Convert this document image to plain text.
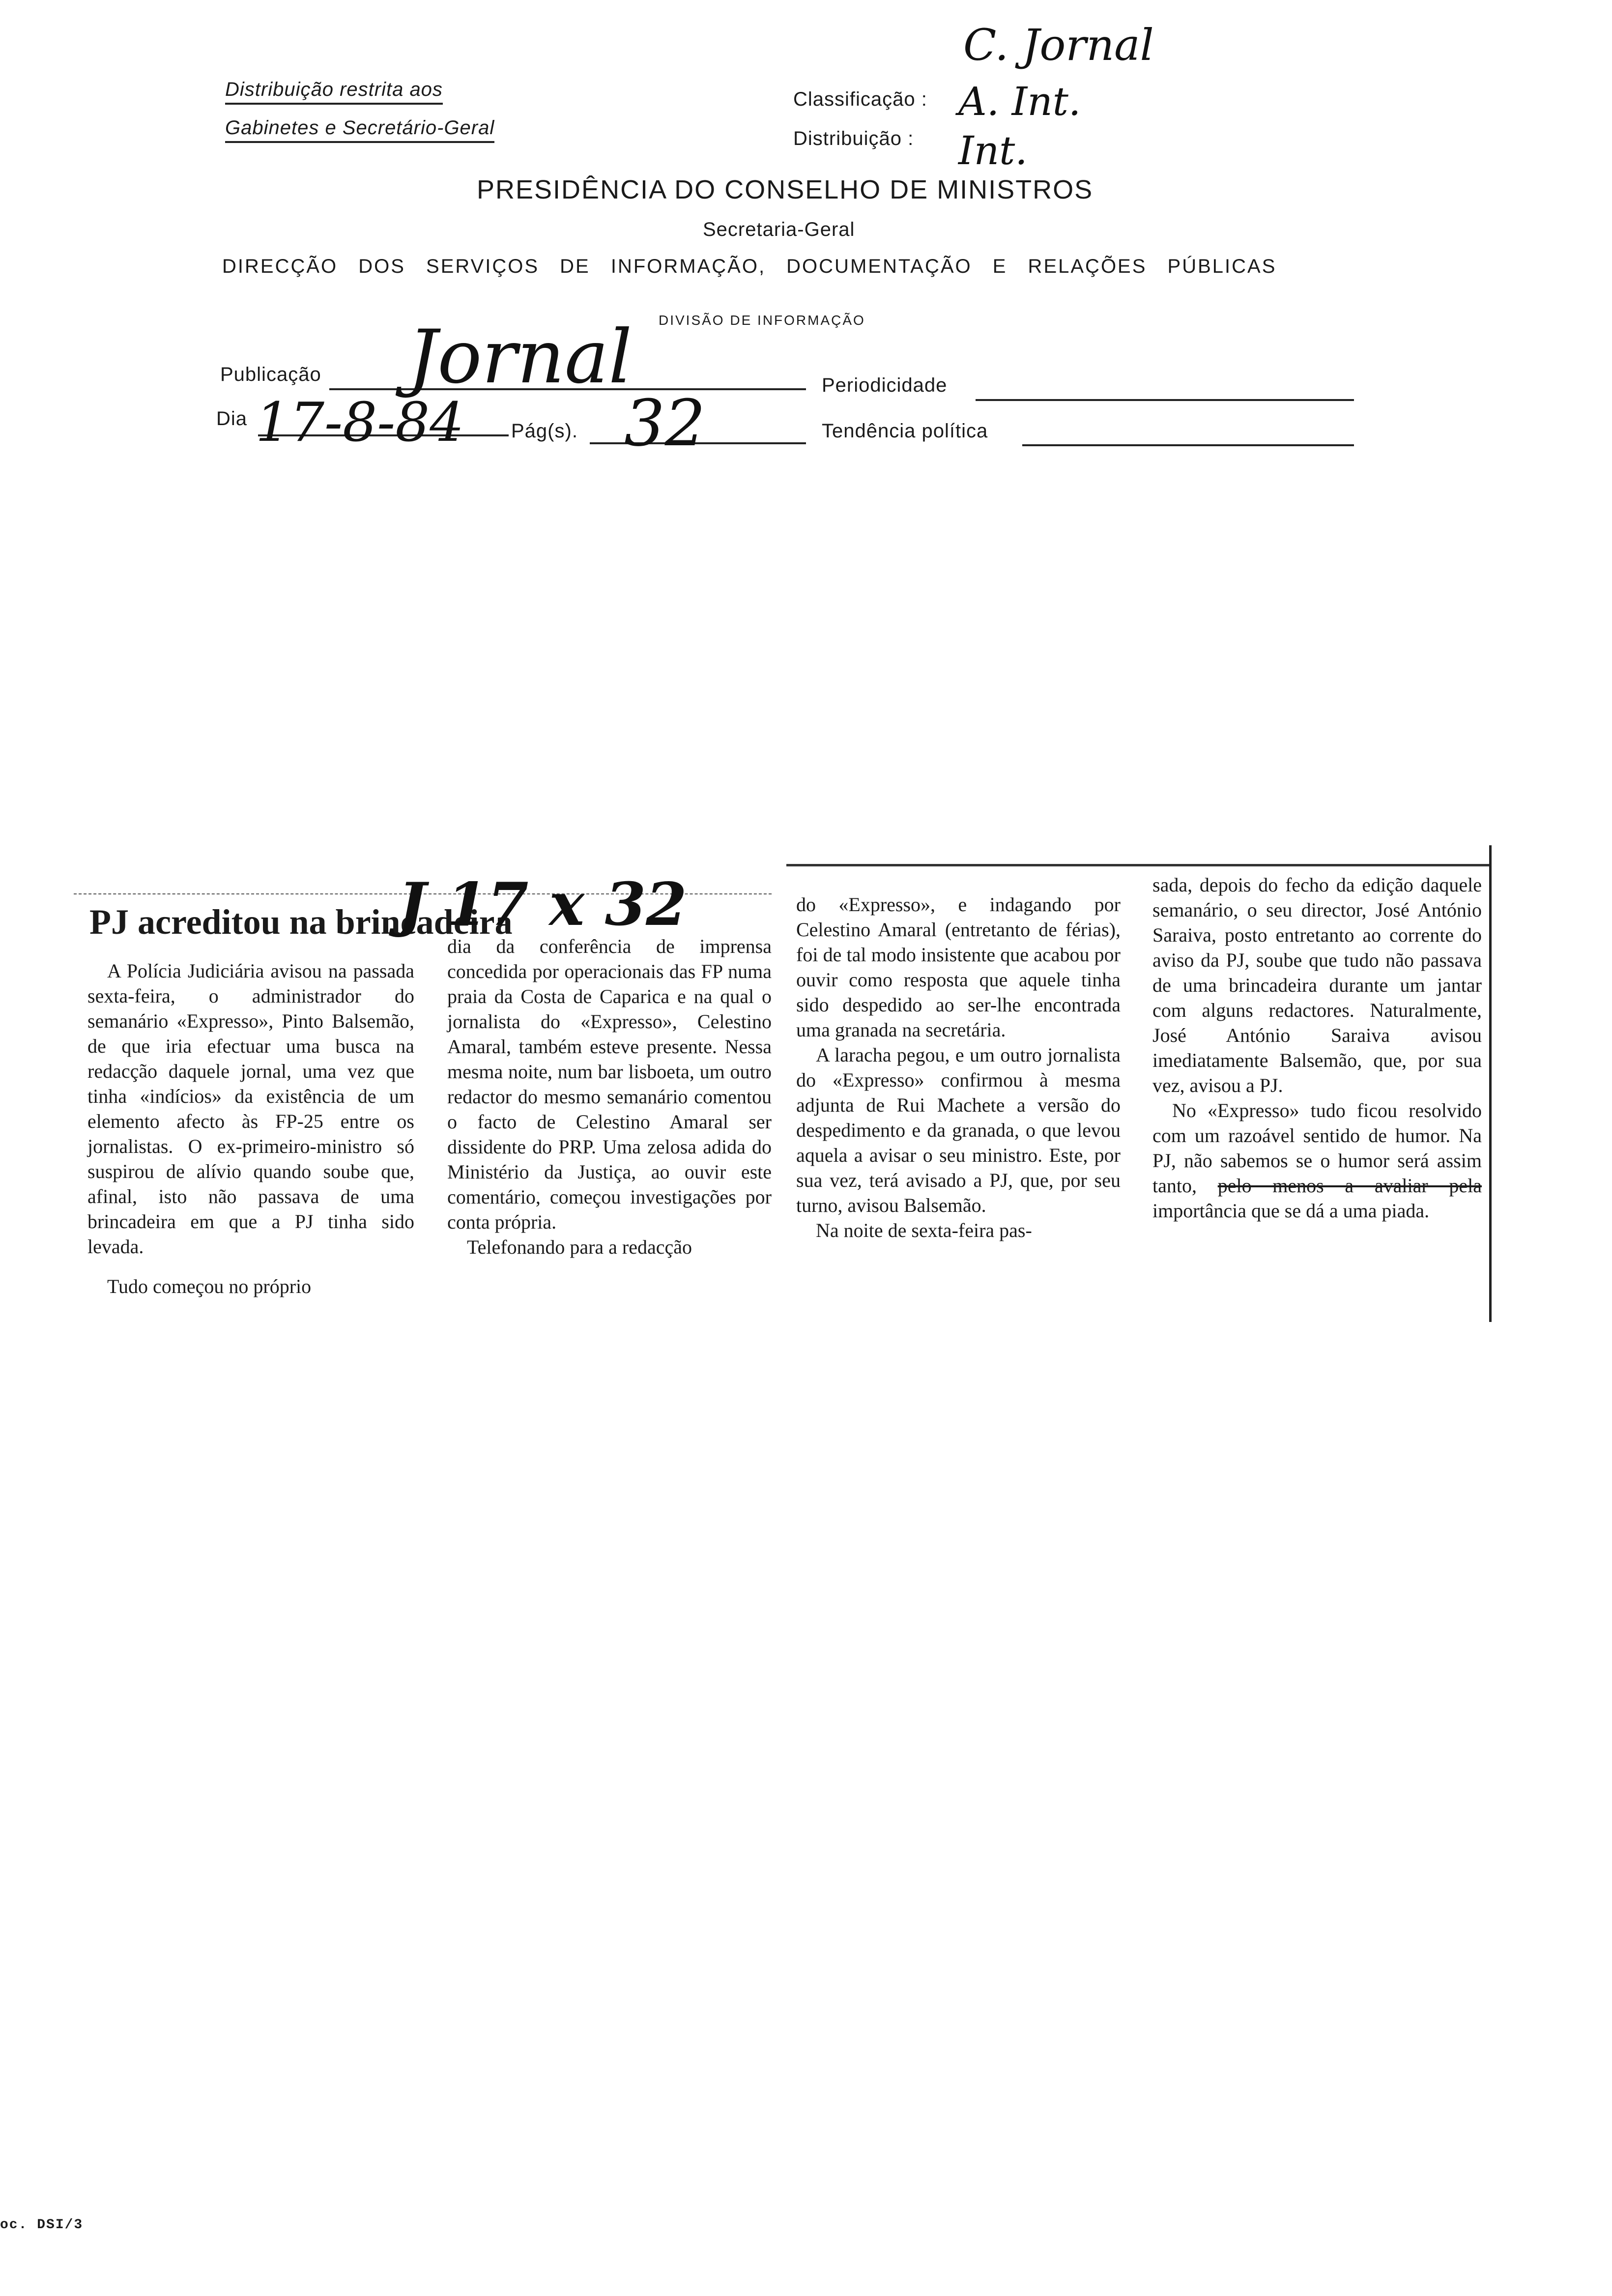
Distribuição restrita aos
Gabinetes e Secretário-Geral
Classificação :
Distribuição :
C. Jornal
A. Int.
Int.
PRESIDÊNCIA DO CONSELHO DE MINISTROS
Secretaria-Geral
DIRECÇÃO DOS SERVIÇOS DE INFORMAÇÃO, DOCUMENTAÇÃO E RELAÇÕES PÚBLICAS
DIVISÃO DE INFORMAÇÃO
Publicação Jornal	Periodicidade
Dia 17-8-84 Pág(s). 32	Tendência política
PJ acreditou na brincadeira
J 17 x 32

A Polícia Judiciária avisou na passada sexta-feira, o administrador do semanário «Expresso», Pinto Balsemão, de que iria efectuar uma busca na redacção daquele jornal, uma vez que tinha «indícios» da existência de um elemento afecto às FP-25 entre os jornalistas. O ex-primeiro-ministro só suspirou de alívio quando soube que, afinal, isto não passava de uma brincadeira em que a PJ tinha sido levada.

Tudo começou no próprio

dia da conferência de imprensa concedida por operacionais das FP numa praia da Costa de Caparica e na qual o jornalista do «Expresso», Celestino Amaral, também esteve presente. Nessa mesma noite, num bar lisboeta, um outro redactor do mesmo semanário comentou o facto de Celestino Amaral ser dissidente do PRP. Uma zelosa adida do Ministério da Justiça, ao ouvir este comentário, começou investigações por conta própria.

Telefonando para a redacção

do «Expresso», e indagando por Celestino Amaral (entretanto de férias), foi de tal modo insistente que acabou por ouvir como resposta que aquele tinha sido despedido ao ser-lhe encontrada uma granada na secretária.

A laracha pegou, e um outro jornalista do «Expresso» confirmou à mesma adjunta de Rui Machete a versão do despedimento e da granada, o que levou aquela a avisar o seu ministro. Este, por sua vez, terá avisado a PJ, que, por seu turno, avisou Balsemão.

Na noite de sexta-feira pas-

sada, depois do fecho da edição daquele semanário, o seu director, José António Saraiva, posto entretanto ao corrente do aviso da PJ, soube que tudo não passava de uma brincadeira durante um jantar com alguns redactores. Naturalmente, José António Saraiva avisou imediatamente Balsemão, que, por sua vez, avisou a PJ.

No «Expresso» tudo ficou resolvido com um razoável sentido de humor. Na PJ, não sabemos se o humor será assim tanto, pelo menos a avaliar pela importância que se dá a uma piada.

oc. DSI/3
